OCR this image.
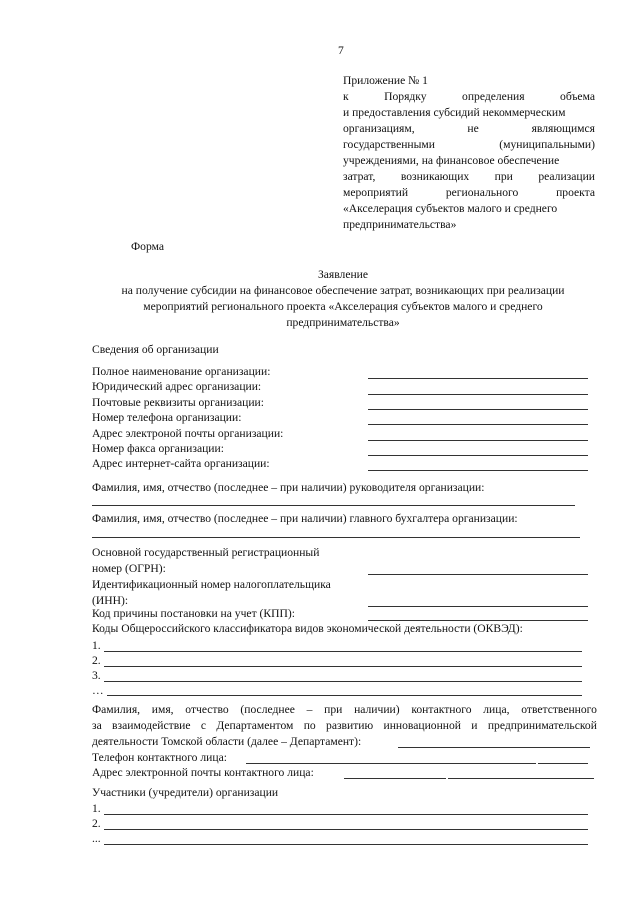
7
Приложение № 1
к	Порядку	определения	объема
и предоставления субсидий некоммерческим
организациям,	не	являющимся
государственными	(муниципальными)
учреждениями, на финансовое обеспечение
затрат, возникающих при реализации
мероприятий	регионального	проекта
«Акселерация субъектов малого и среднего
предпринимательства»
Форма
Заявление
на получение субсидии на финансовое обеспечение затрат, возникающих при реализации
мероприятий регионального проекта «Акселерация субъектов малого и среднего
предпринимательства»
Сведения об организации
Полное наименование организации:
Юридический адрес организации:
Почтовые реквизиты организации:
Номер телефона организации:
Адрес электроной почты организации:
Номер факса организации:
Адрес интернет-сайта организации:
Фамилия, имя, отчество (последнее – при наличии) руководителя организации:
Фамилия, имя, отчество (последнее – при наличии) главного бухгалтера организации:
Основной государственный регистрационный
номер (ОГРН):
Идентификационный номер налогоплательщика
(ИНН):
Код причины постановки на учет (КПП):
Коды Общероссийского классификатора видов экономической деятельности (ОКВЭД):
1.
2.
3.
…
Фамилия, имя, отчество (последнее – при наличии) контактного лица, ответственного
за взаимодействие с Департаментом по развитию инновационной и предпринимательской
деятельности Томской области (далее – Департамент):
Телефон контактного лица:
Адрес электронной почты контактного лица:
Участники (учредители) организации
1.
2.
...
